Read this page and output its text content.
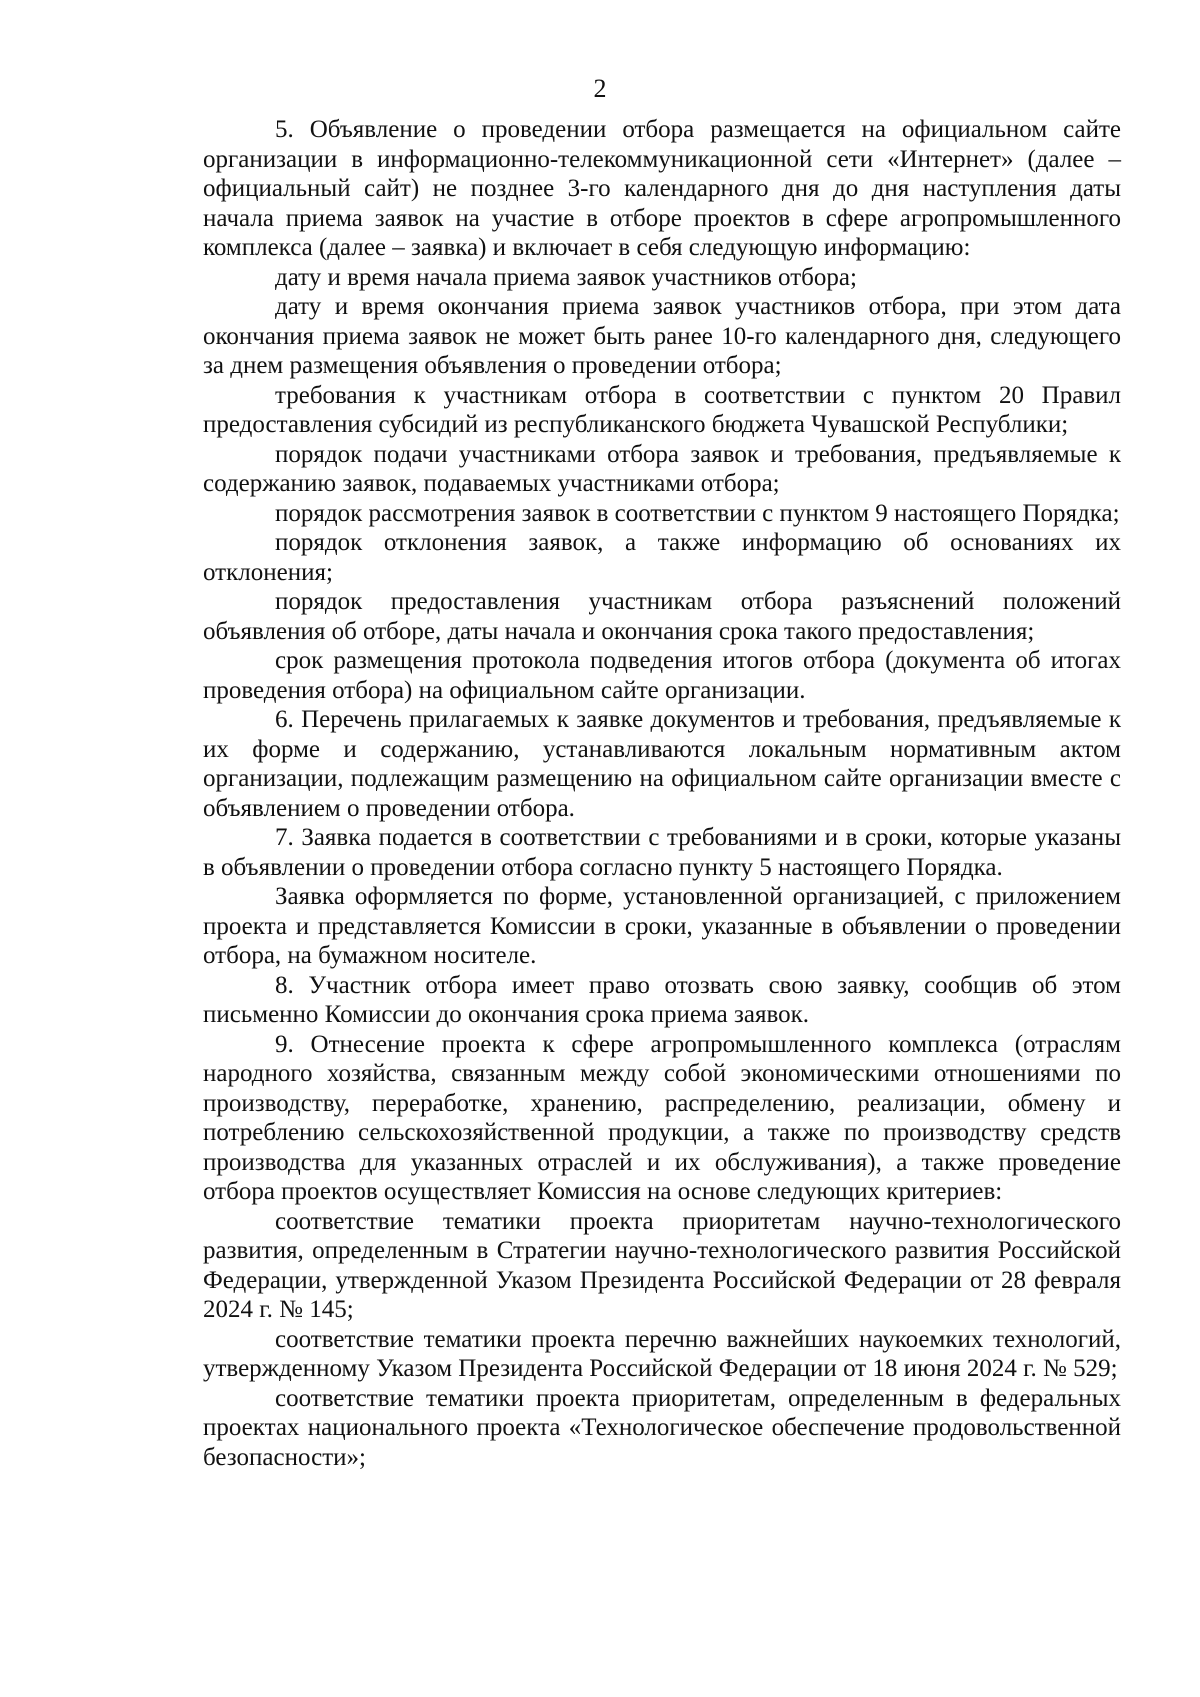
2

5. Объявление о проведении отбора размещается на официальном сайте организации в информационно-телекоммуникационной сети «Интернет» (далее – официальный сайт) не позднее 3-го календарного дня до дня наступления даты начала приема заявок на участие в отборе проектов в сфере агропромышленного комплекса (далее – заявка) и включает в себя следующую информацию:

дату и время начала приема заявок участников отбора;

дату и время окончания приема заявок участников отбора, при этом дата окончания приема заявок не может быть ранее 10-го календарного дня, следующего за днем размещения объявления о проведении отбора;

требования к участникам отбора в соответствии с пунктом 20 Правил предоставления субсидий из республиканского бюджета Чувашской Республики;

порядок подачи участниками отбора заявок и требования, предъявляемые к содержанию заявок, подаваемых участниками отбора;

порядок рассмотрения заявок в соответствии с пунктом 9 настоящего Порядка;

порядок отклонения заявок, а также информацию об основаниях их отклонения;

порядок предоставления участникам отбора разъяснений положений объявления об отборе, даты начала и окончания срока такого предоставления;

срок размещения протокола подведения итогов отбора (документа об итогах проведения отбора) на официальном сайте организации.

6. Перечень прилагаемых к заявке документов и требования, предъявляемые к их форме и содержанию, устанавливаются локальным нормативным актом организации, подлежащим размещению на официальном сайте организации вместе с объявлением о проведении отбора.

7. Заявка подается в соответствии с требованиями и в сроки, которые указаны в объявлении о проведении отбора согласно пункту 5 настоящего Порядка.

Заявка оформляется по форме, установленной организацией, с приложением проекта и представляется Комиссии в сроки, указанные в объявлении о проведении отбора, на бумажном носителе.

8. Участник отбора имеет право отозвать свою заявку, сообщив об этом письменно Комиссии до окончания срока приема заявок.

9. Отнесение проекта к сфере агропромышленного комплекса (отраслям народного хозяйства, связанным между собой экономическими отношениями по производству, переработке, хранению, распределению, реализации, обмену и потреблению сельскохозяйственной продукции, а также по производству средств производства для указанных отраслей и их обслуживания), а также проведение отбора проектов осуществляет Комиссия на основе следующих критериев:

соответствие тематики проекта приоритетам научно-технологического развития, определенным в Стратегии научно-технологического развития Российской Федерации, утвержденной Указом Президента Российской Федерации от 28 февраля 2024 г. № 145;

соответствие тематики проекта перечню важнейших наукоемких технологий, утвержденному Указом Президента Российской Федерации от 18 июня 2024 г. № 529;

соответствие тематики проекта приоритетам, определенным в федеральных проектах национального проекта «Технологическое обеспечение продовольственной безопасности»;
